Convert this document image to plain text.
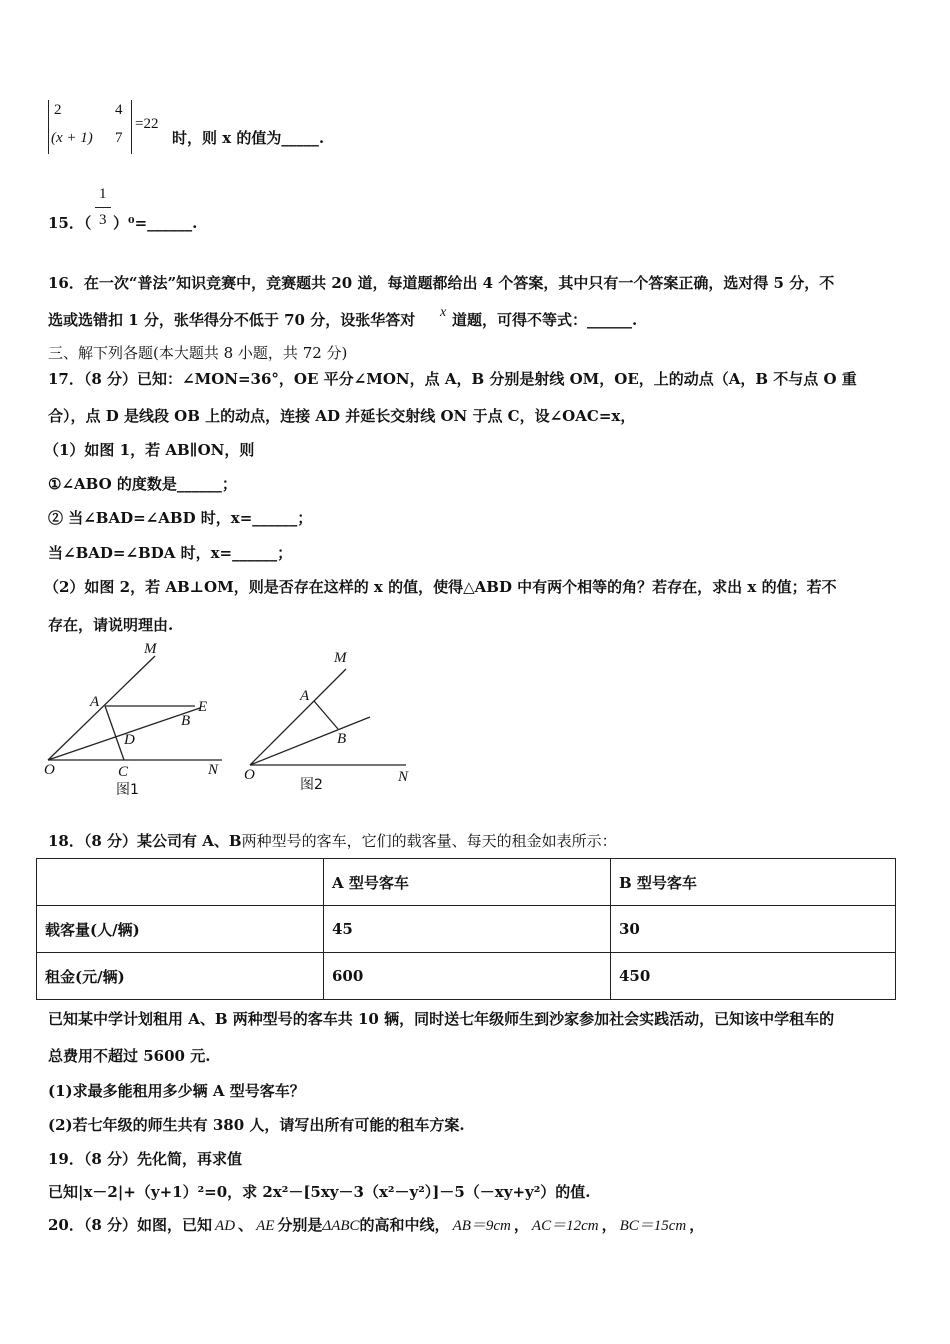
2	4
(x + 1) 7
=22
时，则 x 的值为_____.
15．（
1
3 ）⁰=______.
16．在一次“普法”知识竞赛中，竞赛题共 20 道，每道题都给出 4 个答案，其中只有一个答案正确，选对得 5 分，不
选或选错扣 1 分，张华得分不低于 70 分，设张华答对 x 道题，可得不等式：______.
三、解下列各题(本大题共 8 小题，共 72 分)
17．（8 分）已知：∠MON=36°，OE 平分∠MON，点 A，B 分别是射线 OM，OE，上的动点（A，B 不与点 O 重
合），点 D 是线段 OB 上的动点，连接 AD 并延长交射线 ON 于点 C，设∠OAC=x，
（1）如图 1，若 AB∥ON，则
①∠ABO 的度数是______；
② 当∠BAD=∠ABD 时，x=______；
当∠BAD=∠BDA 时，x=______；
（2）如图 2，若 AB⊥OM，则是否存在这样的 x 的值，使得△ABD 中有两个相等的角？若存在，求出 x 的值；若不
存在，请说明理由.
M
A	E
B
D
O	C	N
图1
M
A
B
O	N
图2
18．（8 分）某公司有 A、B两种型号的客车，它们的载客量、每天的租金如表所示：
	A 型号客车	B 型号客车
载客量(人/辆)	45	30
租金(元/辆)	600	450
已知某中学计划租用 A、B 两种型号的客车共 10 辆，同时送七年级师生到沙家参加社会实践活动，已知该中学租车的
总费用不超过 5600 元.
(1)求最多能租用多少辆 A 型号客车？
(2)若七年级的师生共有 380 人，请写出所有可能的租车方案.
19．（8 分）先化简，再求值
已知|x－2|+（y+1）²=0，求 2x²－[5xy－3（x²－y²）]－5（－xy+y²）的值.
20．（8 分）如图，已知 AD 、 AE 分别是ΔABC的高和中线， AB＝9cm ， AC＝12cm ， BC＝15cm ，
